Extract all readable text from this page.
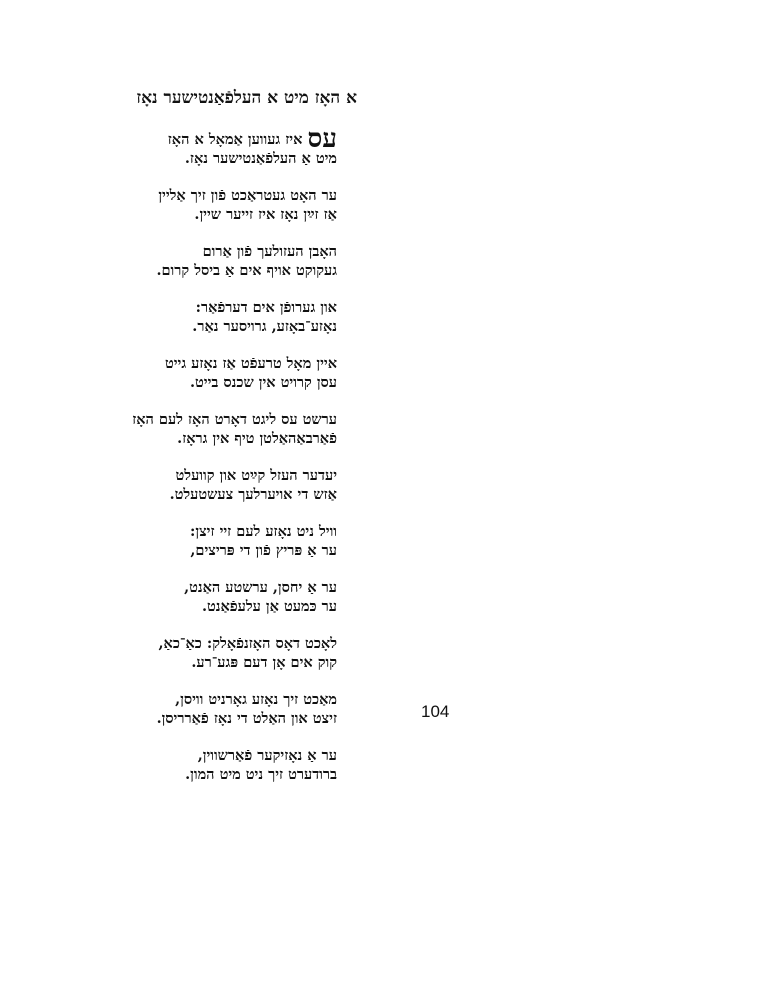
א האָז מיט א העלפֿאַנטישער נאָז
עס איז געווען אַמאָל א האָז
מיט אַ העלפֿאַנטישער נאָז.
ער האָט געטראַכט פֿון זיך אַליין
אַז זײַן נאָז איז זייער שיין.
האָבן העזולעך פֿון אַרום
געקוקט אויף אים אַ ביסל קרום.
און גערופֿן אים דערפֿאַר:
נאָזע־באָזע, גרויסער נאַר.
איין מאָל טרעפֿט אַז נאָזע גייט
עסן קרויט אין שכנס בייט.
ערשט עס ליגט דאָרט האָז לעם האָז
פֿאַרבאַהאַלטן טיף אין גראָז.
יעדער העזל קײַט און קוועלט
אַזש די אויערלעך צעשטעלט.
וויל ניט נאָזע לעם זיי זיצן:
ער אַ פּריץ פֿון די פּריצים,
ער אַ יחסן, ערשטע האַנט,
ער כּמעט אַן עלעפֿאַנט.
לאָכט דאָס האָזנפֿאָלק: כאַ־כאַ,
קוק אים אָן דעם פּגע־רע.
מאַכט זיך נאָזע גאָרניט וויסן,
זיצט און האַלט די נאָז פֿאַרריסן.
ער אַ נאָזיקער פֿאַרשווין,
ברודערט זיך ניט מיט המון.
104
